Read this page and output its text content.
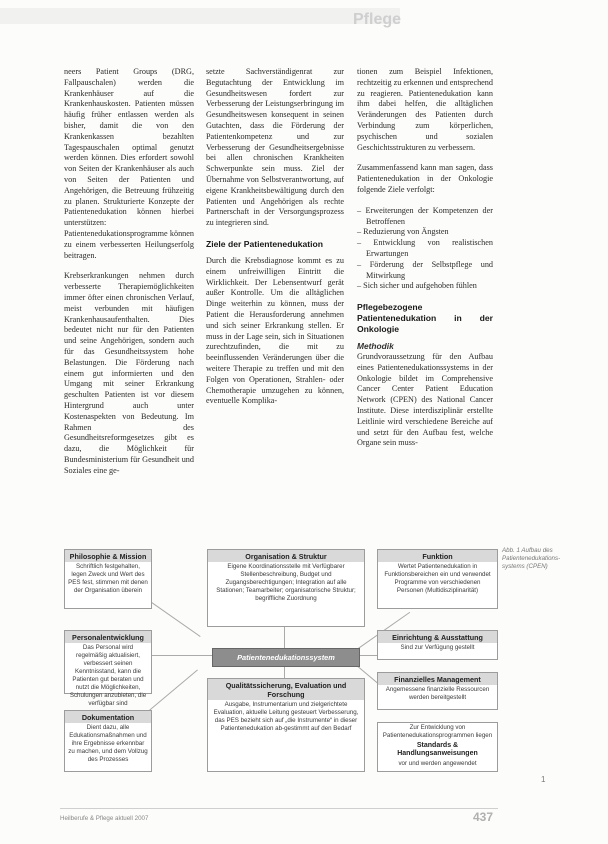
Pflege

neers Patient Groups (DRG, Fallpauschalen) werden die Krankenhäuser auf die Krankenhauskosten. Patienten müssen häufig früher entlassen werden als bisher, damit die von den Krankenkassen bezahlten Tagespauschalen optimal genutzt werden können. Dies erfordert sowohl von Seiten der Krankenhäuser als auch von Seiten der Patienten und Angehörigen, die Betreuung frühzeitig zu planen. Strukturierte Konzepte der Patientenedukation können hierbei unterstützen: Patientenedukationsprogramme können zu einem verbesserten Heilungserfolg beitragen.

Krebserkrankungen nehmen durch verbesserte Therapiemöglichkeiten immer öfter einen chronischen Verlauf, meist verbunden mit häufigen Krankenhausaufenthalten. Dies bedeutet nicht nur für den Patienten und seine Angehörigen, sondern auch für das Gesundheitssystem hohe Belastungen. Die Förderung nach einem gut informierten und den Umgang mit seiner Erkrankung geschulten Patienten ist vor diesem Hintergrund auch unter Kostenaspekten von Bedeutung. Im Rahmen des Gesundheitsreformgesetzes gibt es dazu, die Möglichkeit für Bundesministerium für Gesundheit und Soziales eine ge-

setzte Sachverständigenrat zur Begutachtung der Entwicklung im Gesundheitswesen fordert zur Verbesserung der Leistungserbringung im Gesundheitswesen konsequent in seinen Gutachten, dass die Förderung der Patientenkompetenz und zur Verbesserung der Gesundheitsergebnisse bei allen chronischen Krankheiten Schwerpunkte sein muss. Ziel der Übernahme von Selbstverantwortung, auf eigene Krankheitsbewältigung durch den Patienten und Angehörigen als rechte Partnerschaft in der Versorgungsprozess zu integrieren sind.

Ziele der Patientenedukation

Durch die Krebsdiagnose kommt es zu einem unfreiwilligen Eintritt die Wirklichkeit. Der Lebensentwurf gerät außer Kontrolle. Um die alltäglichen Dinge weiterhin zu können, muss der Patient die Herausforderung annehmen und sich seiner Erkrankung stellen. Er muss in der Lage sein, sich in Situationen zurechtzufinden, die mit zu beeinflussenden Veränderungen über die weitere Therapie zu treffen und mit den Folgen von Operationen, Strahlen- oder Chemotherapie umzugehen zu können, eventuelle Komplika-

tionen zum Beispiel Infektionen, rechtzeitig zu erkennen und entsprechend zu reagieren. Patientenedukation kann ihm dabei helfen, die alltäglichen Veränderungen des Patienten durch Verbindung zum körperlichen, psychischen und sozialen Geschichtsstrukturen zu verbessern.

Zusammenfassend kann man sagen, dass Patientenedukation in der Onkologie folgende Ziele verfolgt:

– Erweiterungen der Kompetenzen der Betroffenen
– Reduzierung von Ängsten
– Entwicklung von realistischen Erwartungen
– Förderung der Selbstpflege und Mitwirkung
– Sich sicher und aufgehoben fühlen
Pflegebezogene Patientenedukation in der Onkologie

Methodik

Grundvoraussetzung für den Aufbau eines Patientenedukationssystems in der Onkologie bildet im Comprehensive Cancer Center Patient Education Network (CPEN) des National Cancer Institute. Diese interdisziplinär erstellte Leitlinie wird verschiedene Bereiche auf und setzt für den Aufbau fest, welche Organe sein muss-

Philosophie & Mission
Schriftlich festgehalten, legen Zweck und Wert des PES fest, stimmen mit denen der Organisation überein
Organisation & Struktur
Eigene Koordinationsstelle mit Verfügbarer Stellenbeschreibung, Budget und Zugangsberechtigungen; Integration auf alle Stationen; Teamarbeiter; organisatorische Struktur; begriffliche Zuordnung
Funktion
Wertet Patientenedukation in Funktionsbereichen ein und verwendet Programme von verschiedenen Personen (Multidisziplinarität)
Personalentwicklung
Das Personal wird regelmäßig aktualisiert, verbessert seinen Kenntnisstand, kann die Patienten gut beraten und nutzt die Möglichkeiten, Schulungen anzubieten, die verfügbar sind
Einrichtung & Ausstattung
Sind zur Verfügung gestellt
Patientenedukationssystem
Qualitätssicherung, Evaluation und Forschung
Ausgabe, Instrumentarium und zielgerichtete Evaluation, aktuelle Leitung gesteuert Verbesserung, das PES bezieht sich auf „die Instrumente“ in dieser Patientenedukation ab-gestimmt auf den Bedarf
Finanzielles Management
Angemessene finanzielle Ressourcen werden bereitgestellt
Dokumentation
Dient dazu, alle Edukationsmaßnahmen und ihre Ergebnisse erkennbar zu machen, und dem Vollzug des Prozesses
Zur Entwicklung von Patientenedukationsprogrammen liegen
Standards & Handlungsanweisungen
vor und werden angewendet
Abb. 1 Aufbau des Patientenedukations-systems (CPEN)
1
Heilberufe & Pflege aktuell 2007	437
